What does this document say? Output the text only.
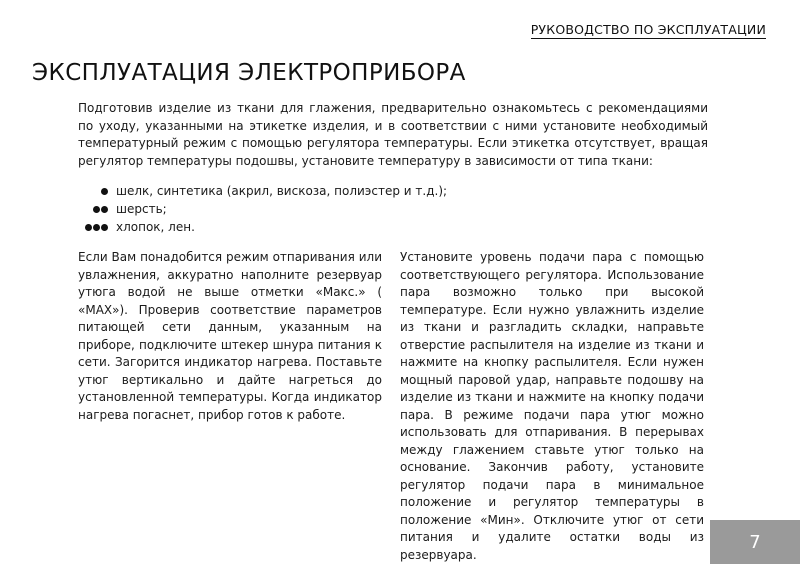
РУКОВОДСТВО ПО ЭКСПЛУАТАЦИИ
ЭКСПЛУАТАЦИЯ ЭЛЕКТРОПРИБОРА

Подготовив изделие из ткани для глажения, предварительно ознакомьтесь с рекомендациями по уходу, указанными на этикетке изделия, и в соответствии с ними установите необходимый температурный режим с помощью регулятора температуры. Если этикетка отсутствует, вращая регулятор температуры подошвы, установите температуру в зависимости от типа ткани:

шелк, синтетика (акрил, вискоза, полиэстер и т.д.);
шерсть;
хлопок, лен.

Если Вам понадобится режим отпаривания или увлажнения, аккуратно наполните резервуар утюга водой не выше отметки «Макс.» ( «MAX»). Проверив соответствие параметров питающей сети данным, указанным на приборе, подключите штекер шнура питания к сети. Загорится индикатор нагрева. Поставьте утюг вертикально и дайте нагреться до установленной температуры. Когда индикатор нагрева погаснет, прибор готов к работе.

Установите уровень подачи пара с помощью соответствующего регулятора. Использование пара возможно только при высокой температуре. Если нужно увлажнить изделие из ткани и разгладить складки, направьте отверстие распылителя на изделие из ткани и нажмите на кнопку распылителя. Если нужен мощный паровой удар, направьте подошву на изделие из ткани и нажмите на кнопку подачи пара. В режиме подачи пара утюг можно использовать для отпаривания. В перерывах между глажением ставьте утюг только на основание. Закончив работу, установите регулятор подачи пара в минимальное положение и регулятор температуры в положение «Мин». Отключите утюг от сети питания и удалите остатки воды из резервуара.

7
